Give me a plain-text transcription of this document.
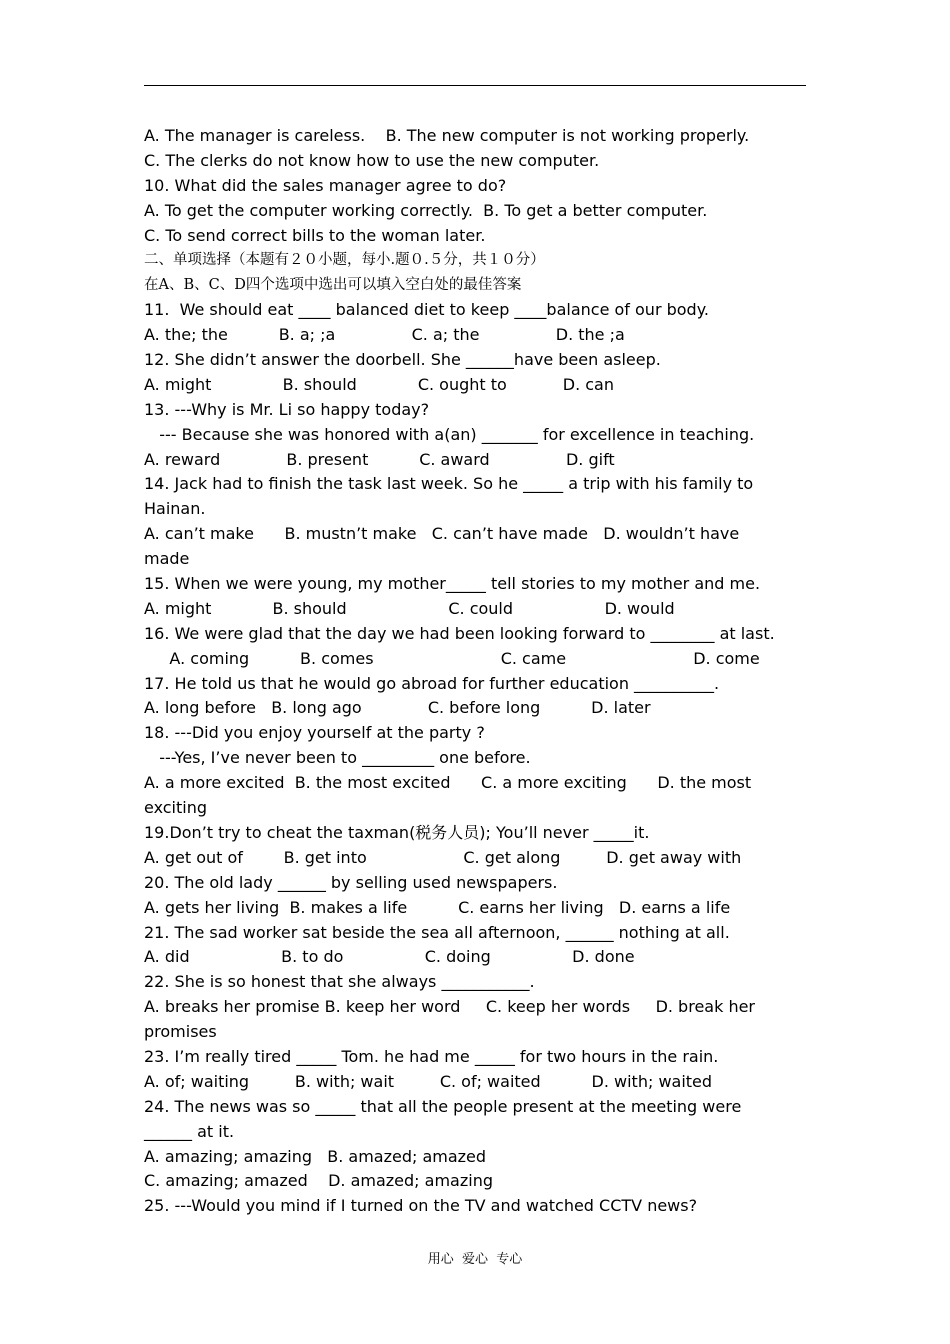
A. The manager is careless.    B. The new computer is not working properly.
C. The clerks do not know how to use the new computer.
10. What did the sales manager agree to do?
A. To get the computer working correctly.  B. To get a better computer.
C. To send correct bills to the woman later.
二、单项选择（本题有２０小题，每小.题０.５分，共１０分）
在A、B、C、D四个选项中选出可以填入空白处的最佳答案
11.  We should eat ____ balanced diet to keep ____balance of our body.
A. the; the          B. a; ;a               C. a; the               D. the ;a
12. She didn’t answer the doorbell. She ______have been asleep.
A. might              B. should            C. ought to           D. can
13. ---Why is Mr. Li so happy today?
--- Because she was honored with a(an) _______ for excellence in teaching.
A. reward             B. present          C. award               D. gift
14. Jack had to finish the task last week. So he _____ a trip with his family to
Hainan.
A. can’t make      B. mustn’t make   C. can’t have made   D. wouldn’t have
made
15. When we were young, my mother_____ tell stories to my mother and me.
A. might            B. should                    C. could                  D. would
16. We were glad that the day we had been looking forward to ________ at last.
A. coming          B. comes                         C. came                         D. come
17. He told us that he would go abroad for further education __________.
A. long before   B. long ago             C. before long          D. later
18. ---Did you enjoy yourself at the party ?
---Yes, I’ve never been to _________ one before.
A. a more excited  B. the most excited      C. a more exciting      D. the most
exciting
19.Don’t try to cheat the taxman(税务人员); You’ll never _____it.
A. get out of        B. get into                   C. get along         D. get away with
20. The old lady ______ by selling used newspapers.
A. gets her living  B. makes a life          C. earns her living   D. earns a life
21. The sad worker sat beside the sea all afternoon, ______ nothing at all.
A. did                  B. to do                C. doing                D. done
22. She is so honest that she always ___________.
A. breaks her promise B. keep her word     C. keep her words     D. break her
promises
23. I’m really tired _____ Tom. he had me _____ for two hours in the rain.
A. of; waiting         B. with; wait         C. of; waited          D. with; waited
24. The news was so _____ that all the people present at the meeting were
______ at it.
A. amazing; amazing   B. amazed; amazed
C. amazing; amazed    D. amazed; amazing
25. ---Would you mind if I turned on the TV and watched CCTV news?
用心  爱心  专心
